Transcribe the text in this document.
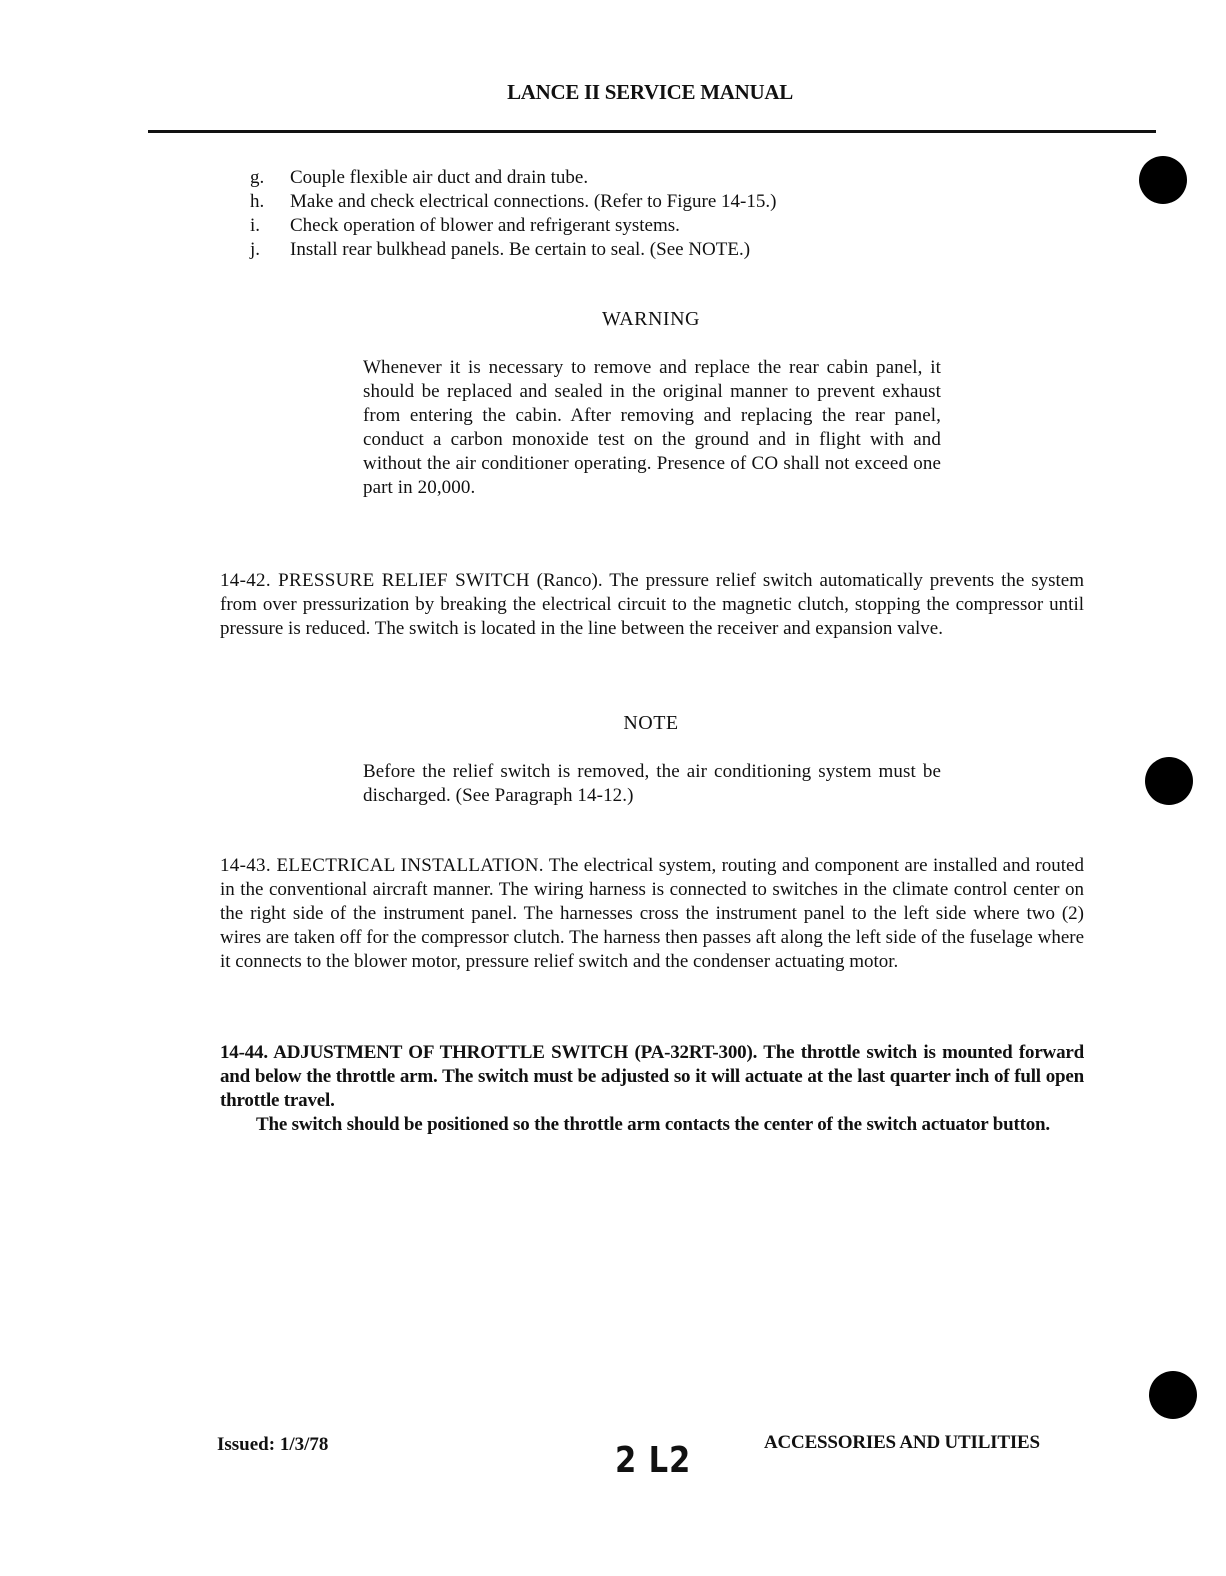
LANCE II SERVICE MANUAL
g.	Couple flexible air duct and drain tube.
h.	Make and check electrical connections. (Refer to Figure 14-15.)
i.	Check operation of blower and refrigerant systems.
j.	Install rear bulkhead panels. Be certain to seal. (See NOTE.)
WARNING
Whenever it is necessary to remove and replace the rear cabin panel, it should be replaced and sealed in the original manner to prevent exhaust from entering the cabin. After removing and replacing the rear panel, conduct a carbon monoxide test on the ground and in flight with and without the air conditioner operating. Presence of CO shall not exceed one part in 20,000.
14-42. PRESSURE RELIEF SWITCH (Ranco). The pressure relief switch automatically prevents the system from over pressurization by breaking the electrical circuit to the magnetic clutch, stopping the compressor until pressure is reduced. The switch is located in the line between the receiver and expansion valve.
NOTE
Before the relief switch is removed, the air conditioning system must be discharged. (See Paragraph 14-12.)
14-43. ELECTRICAL INSTALLATION. The electrical system, routing and component are installed and routed in the conventional aircraft manner. The wiring harness is connected to switches in the climate control center on the right side of the instrument panel. The harnesses cross the instrument panel to the left side where two (2) wires are taken off for the compressor clutch. The harness then passes aft along the left side of the fuselage where it connects to the blower motor, pressure relief switch and the condenser actuating motor.
14-44. ADJUSTMENT OF THROTTLE SWITCH (PA-32RT-300). The throttle switch is mounted forward and below the throttle arm. The switch must be adjusted so it will actuate at the last quarter inch of full open throttle travel.
The switch should be positioned so the throttle arm contacts the center of the switch actuator button.
Issued: 1/3/78	2 L2	ACCESSORIES AND UTILITIES
